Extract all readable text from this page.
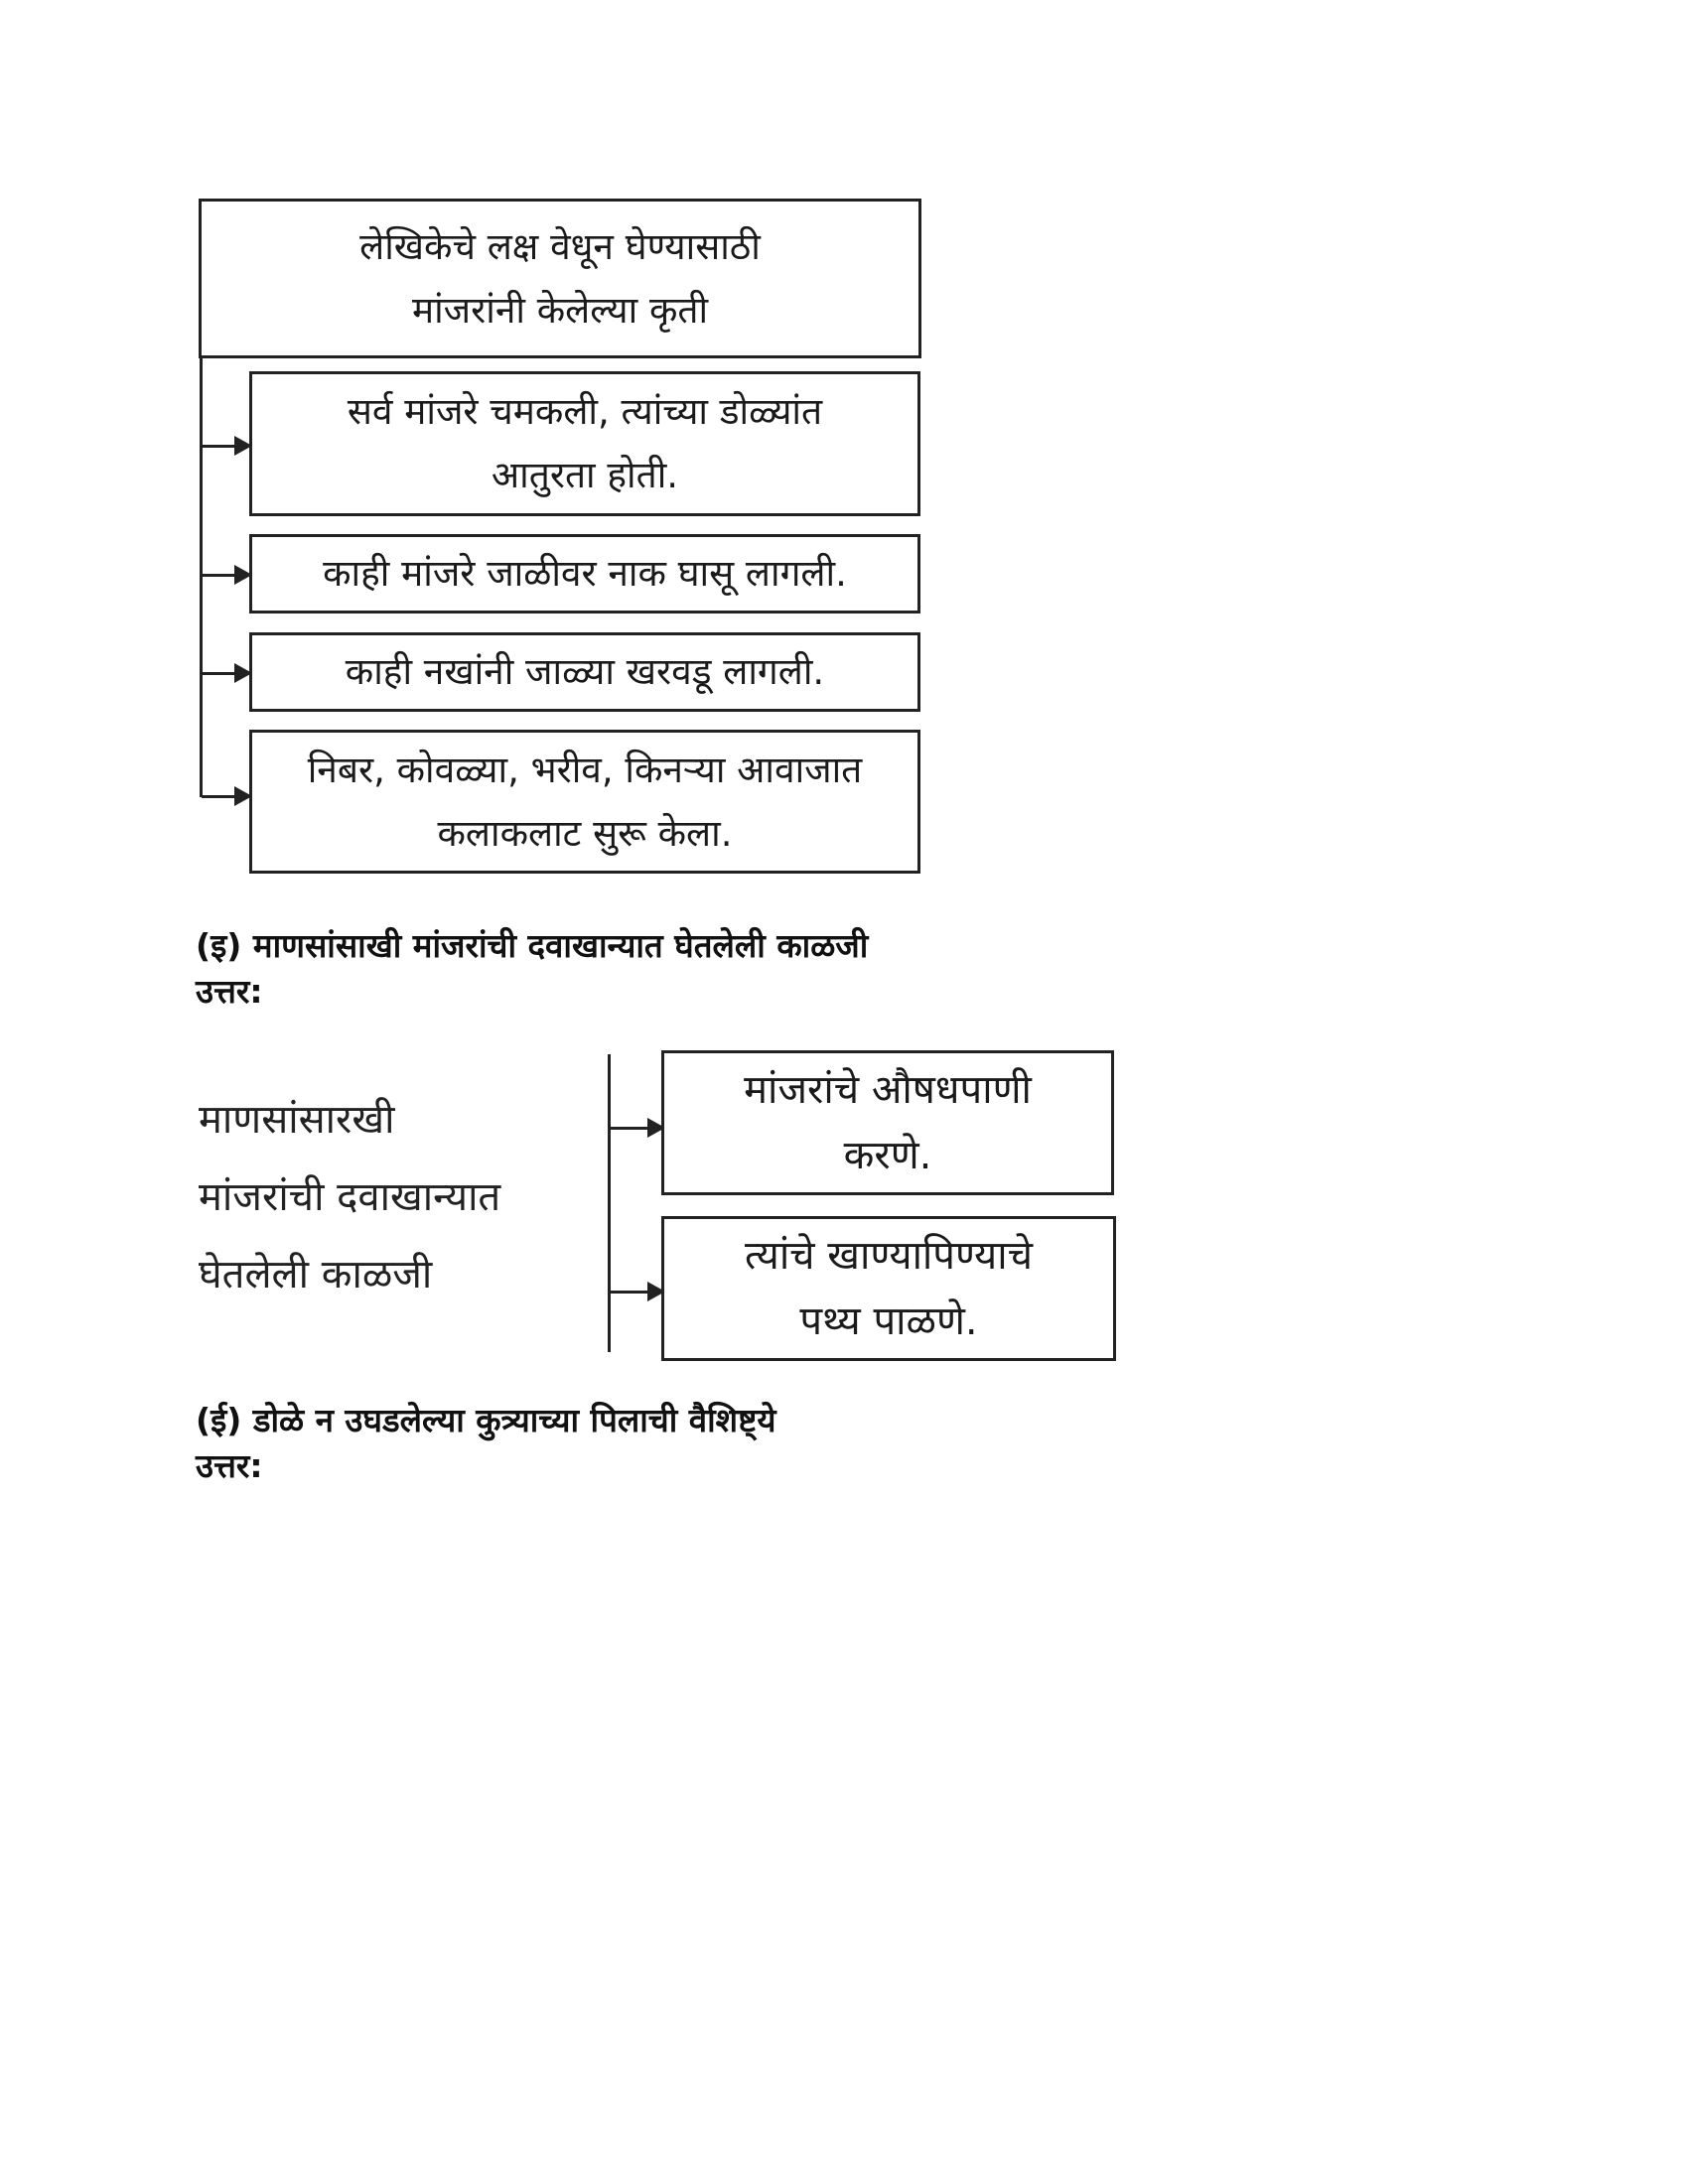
लेखिकेचे लक्ष वेधून घेण्यासाठी
मांजरांनी केलेल्या कृती
सर्व मांजरे चमकली, त्यांच्या डोळ्यांत
आतुरता होती.
काही मांजरे जाळीवर नाक घासू लागली.
काही नखांनी जाळ्या खरवडू लागली.
निबर, कोवळ्या, भरीव, किनऱ्या आवाजात
कलाकलाट सुरू केला.
(इ) माणसांसाखी मांजरांची दवाखान्यात घेतलेली काळजी
उत्तर:
माणसांसारखी
मांजरांची दवाखान्यात
घेतलेली काळजी
मांजरांचे औषधपाणी
करणे.
त्यांचे खाण्यापिण्याचे
पथ्य पाळणे.
(ई) डोळे न उघडलेल्या कुत्र्याच्या पिलाची वैशिष्ट्ये
उत्तर:
